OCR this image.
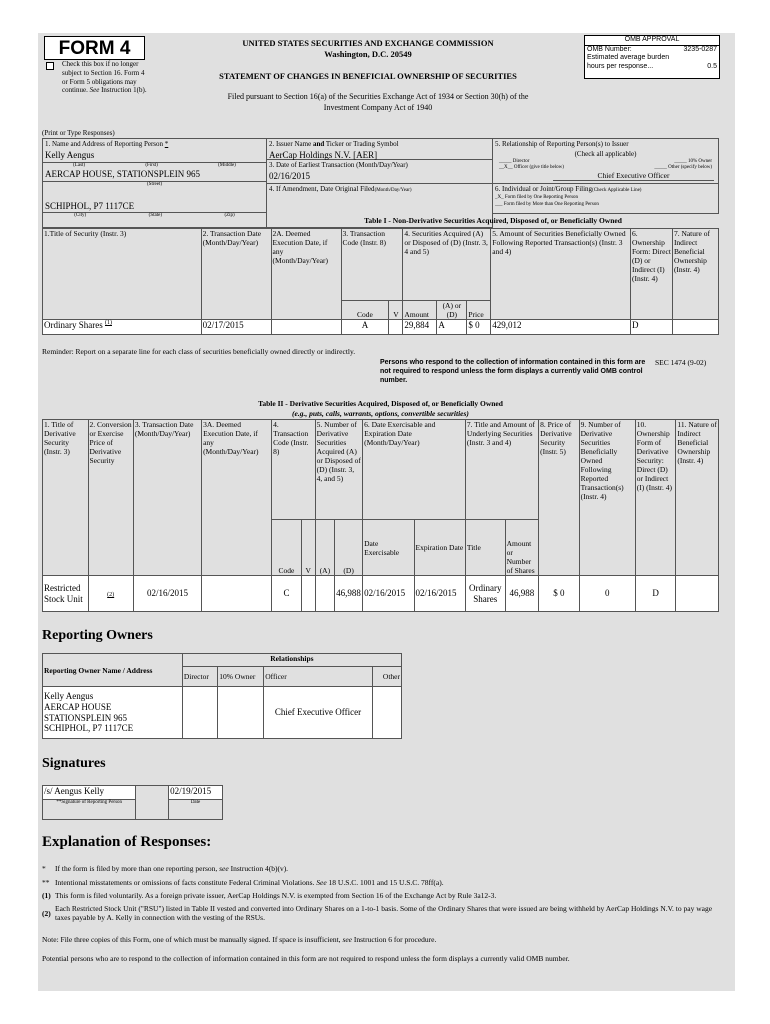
FORM 4
Check this box if no longer subject to Section 16. Form 4 or Form 5 obligations may continue. See Instruction 1(b).
UNITED STATES SECURITIES AND EXCHANGE COMMISSION
Washington, D.C. 20549
STATEMENT OF CHANGES IN BENEFICIAL OWNERSHIP OF SECURITIES
Filed pursuant to Section 16(a) of the Securities Exchange Act of 1934 or Section 30(h) of the
Investment Company Act of 1940
OMB APPROVAL
OMB Number:	3235-0287
Estimated average burden
hours per response...	0.5
(Print or Type Responses)
1. Name and Address of Reporting Person *
Kelly Aengus
(Last)	(First)	(Middle)
AERCAP HOUSE, STATIONSPLEIN 965
(Street)
SCHIPHOL, P7 1117CE
(City)	(State)	(Zip)
2. Issuer Name and Ticker or Trading Symbol
AerCap Holdings N.V. [AER]
3. Date of Earliest Transaction (Month/Day/Year)
02/16/2015
4. If Amendment, Date Original Filed(Month/Day/Year)
5. Relationship of Reporting Person(s) to Issuer
(Check all applicable)
_____ Director	_____ 10% Owner
__X__ Officer (give title below)	_____ Other (specify below)
Chief Executive Officer
6. Individual or Joint/Group Filing(Check Applicable Line)
_X_ Form filed by One Reporting Person
___ Form filed by More than One Reporting Person
Table I - Non-Derivative Securities Acquired, Disposed of, or Beneficially Owned
1.Title of Security (Instr. 3)	2. Transaction Date (Month/Day/Year)	2A. Deemed Execution Date, if any (Month/Day/Year)	3. Transaction Code (Instr. 8)		4. Securities Acquired (A) or Disposed of (D) (Instr. 3, 4 and 5)			5. Amount of Securities Beneficially Owned Following Reported Transaction(s) (Instr. 3 and 4)	6. Ownership Form: Direct (D) or Indirect (I) (Instr. 4)	7. Nature of Indirect Beneficial Ownership (Instr. 4)
			Code	V	Amount	(A) or (D)	Price			
Ordinary Shares $^{(1)}$	02/17/2015		A		29,884	A	$ 0	429,012	D	
Reminder: Report on a separate line for each class of securities beneficially owned directly or indirectly.
Persons who respond to the collection of information contained in this form are not required to respond unless the form displays a currently valid OMB control number.
SEC 1474 (9-02)
Table II - Derivative Securities Acquired, Disposed of, or Beneficially Owned
(e.g., puts, calls, warrants, options, convertible securities)
1. Title of Derivative Security (Instr. 3)	2. Conversion or Exercise Price of Derivative Security	3. Transaction Date (Month/Day/Year)	3A. Deemed Execution Date, if any (Month/Day/Year)	4. Transaction Code (Instr. 8)		5. Number of Derivative Securities Acquired (A) or Disposed of (D) (Instr. 3, 4, and 5)		6. Date Exercisable and Expiration Date (Month/Day/Year)		7. Title and Amount of Underlying Securities (Instr. 3 and 4)		8. Price of Derivative Security (Instr. 5)	9. Number of Derivative Securities Beneficially Owned Following Reported Transaction(s) (Instr. 4)	10. Ownership Form of Derivative Security: Direct (D) or Indirect (I) (Instr. 4)	11. Nature of Indirect Beneficial Ownership (Instr. 4)
				Code	V	(A)	(D)	Date Exercisable	Expiration Date	Title	Amount or Number of Shares				
Restricted Stock Unit	(2)	02/16/2015		C			46,988	02/16/2015	02/16/2015	Ordinary Shares	46,988	$ 0	0	D	
Reporting Owners
Reporting Owner Name / Address	Relationships			
	Director	10% Owner	Officer	Other

Kelly Aengus
AERCAP HOUSE
STATIONSPLEIN 965
SCHIPHOL, P7 1117CE			Chief Executive Officer	
Signatures
/s/ Aengus Kelly		02/19/2015
**Signature of Reporting Person		Date
Explanation of Responses:
*	If the form is filed by more than one reporting person, see Instruction 4(b)(v).
** Intentional misstatements or omissions of facts constitute Federal Criminal Violations. See 18 U.S.C. 1001 and 15 U.S.C. 78ff(a).
(1) This form is filed voluntarily. As a foreign private issuer, AerCap Holdings N.V. is exempted from Section 16 of the Exchange Act by Rule 3a12-3.
(2)
Each Restricted Stock Unit ("RSU") listed in Table II vested and converted into Ordinary Shares on a 1-to-1 basis. Some of the Ordinary Shares that were issued are being withheld by AerCap Holdings N.V. to pay wage taxes payable by A. Kelly in connection with the vesting of the RSUs.
Note: File three copies of this Form, one of which must be manually signed. If space is insufficient, see Instruction 6 for procedure.
Potential persons who are to respond to the collection of information contained in this form are not required to respond unless the form displays a currently valid OMB number.
